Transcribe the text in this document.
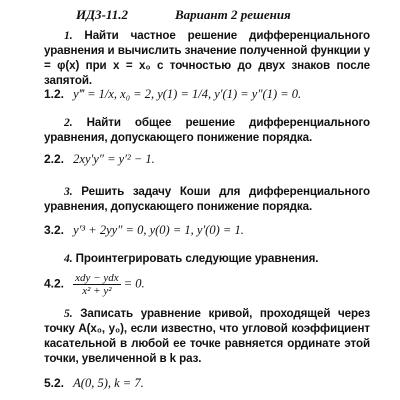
ИДЗ-11.2	Вариант 2 решения
1. Найти частное решение дифференциального уравнения и вычислить значение полученной функции y = φ(x) при x = x₀ с точностью до двух знаков после запятой.
1.2. y‴ = 1/x, x₀ = 2, y(1) = 1/4, y′(1) = y″(1) = 0.
2. Найти общее решение дифференциального уравнения, допускающего понижение порядка.
2.2. 2xy′y″ = y′² − 1.
3. Решить задачу Коши для дифференциального уравнения, допускающего понижение порядка.
3.2. y′³ + 2yy″ = 0, y(0) = 1, y′(0) = 1.
4. Проинтегрировать следующие уравнения.
4.2. $\frac{\text{xdy − ydx}}{\text{x² + y²}} = 0$.
5. Записать уравнение кривой, проходящей через точку A(x₀, y₀), если известно, что угловой коэффициент касательной в любой ее точке равняется ординате этой точки, увеличенной в k раз.
5.2. A(0, 5), k = 7.
